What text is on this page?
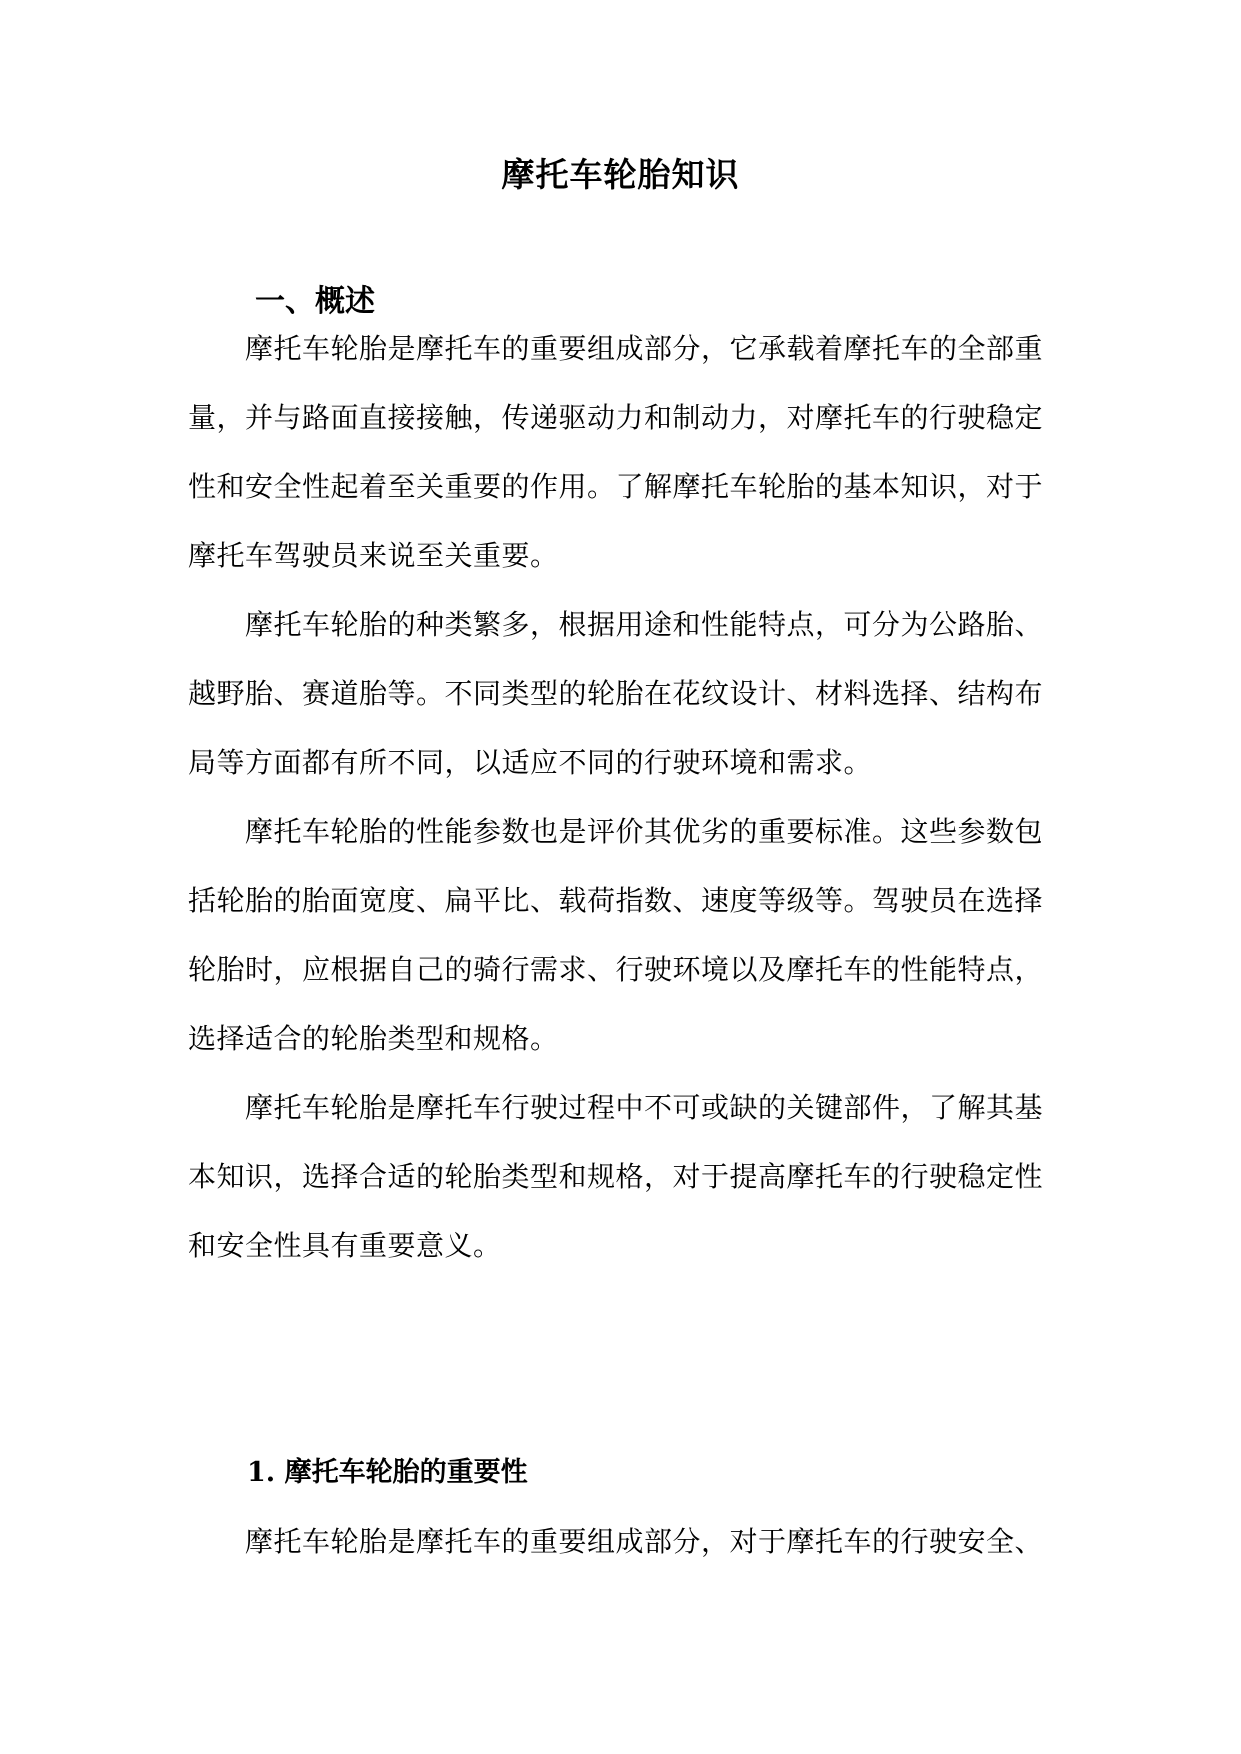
摩托车轮胎知识
一、概述
摩托车轮胎是摩托车的重要组成部分，它承载着摩托车的全部重
量，并与路面直接接触，传递驱动力和制动力，对摩托车的行驶稳定
性和安全性起着至关重要的作用。了解摩托车轮胎的基本知识，对于
摩托车驾驶员来说至关重要。
摩托车轮胎的种类繁多，根据用途和性能特点，可分为公路胎、
越野胎、赛道胎等。不同类型的轮胎在花纹设计、材料选择、结构布
局等方面都有所不同，以适应不同的行驶环境和需求。
摩托车轮胎的性能参数也是评价其优劣的重要标准。这些参数包
括轮胎的胎面宽度、扁平比、载荷指数、速度等级等。驾驶员在选择
轮胎时，应根据自己的骑行需求、行驶环境以及摩托车的性能特点，
选择适合的轮胎类型和规格。
摩托车轮胎是摩托车行驶过程中不可或缺的关键部件，了解其基
本知识，选择合适的轮胎类型和规格，对于提高摩托车的行驶稳定性
和安全性具有重要意义。
1. 摩托车轮胎的重要性
摩托车轮胎是摩托车的重要组成部分，对于摩托车的行驶安全、
